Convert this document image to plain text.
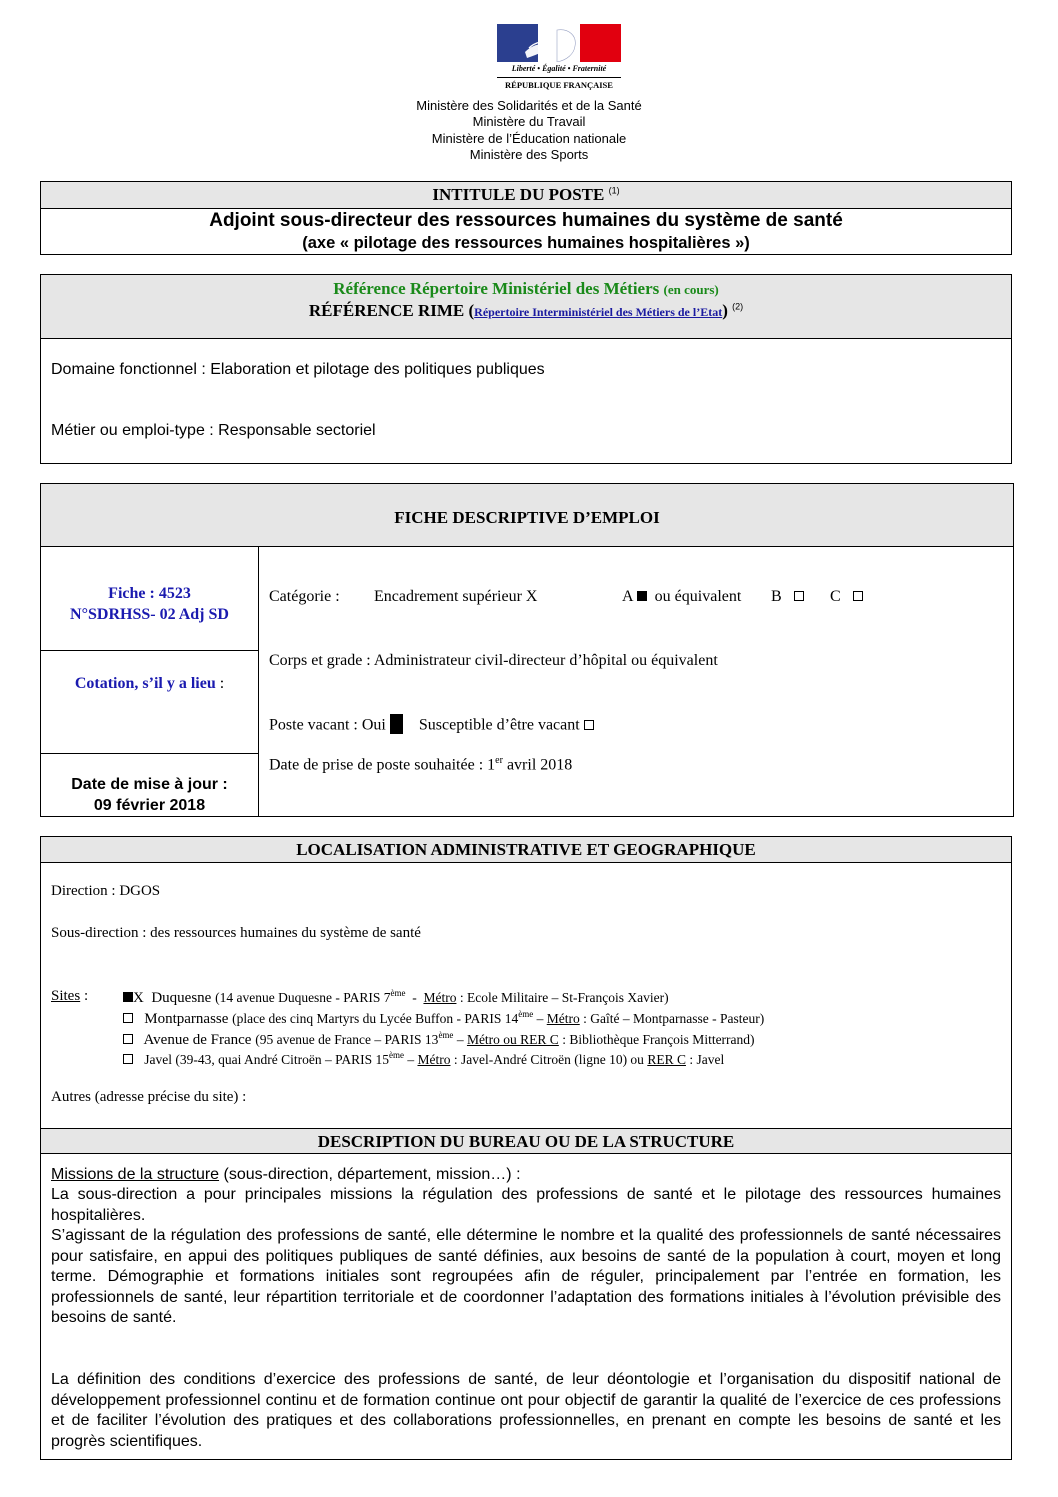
Liberté • Égalité • Fraternité
RÉPUBLIQUE FRANÇAISE
Ministère des Solidarités et de la Santé
Ministère du Travail
Ministère de l’Éducation nationale
Ministère des Sports
INTITULE DU POSTE $^{(1)}$
Adjoint sous-directeur des ressources humaines du système de santé
(axe « pilotage des ressources humaines hospitalières »)
Référence Répertoire Ministériel des Métiers (en cours)
RÉFÉRENCE RIME (Répertoire Interministériel des Métiers de l’Etat) $^{(2)}$
Domaine fonctionnel : Elaboration et pilotage des politiques publiques
Métier ou emploi-type : Responsable sectoriel
FICHE DESCRIPTIVE D’EMPLOI
Fiche : 4523
N°SDRHSS- 02 Adj SD
Cotation, s’il y a lieu :
Date de mise à jour :
09 février 2018
Catégorie : Encadrement supérieur X	A ou équivalent B	C
Corps et grade : Administrateur civil-directeur d’hôpital ou équivalent
Poste vacant : Oui Susceptible d’être vacant
Date de prise de poste souhaitée : 1er avril 2018
LOCALISATION ADMINISTRATIVE ET GEOGRAPHIQUE
Direction : DGOS
Sous-direction : des ressources humaines du système de santé
Sites :	X Duquesne (14 avenue Duquesne - PARIS 7ème  -  Métro : Ecole Militaire – St-François Xavier)
Montparnasse (place des cinq Martyrs du Lycée Buffon - PARIS 14ème – Métro : Gaîté – Montparnasse - Pasteur)
Avenue de France (95 avenue de France – PARIS 13ème – Métro ou RER C : Bibliothèque François Mitterrand)
Javel (39-43, quai André Citroën – PARIS 15ème – Métro : Javel-André Citroën (ligne 10) ou RER C : Javel
Autres (adresse précise du site) :
DESCRIPTION DU BUREAU OU DE LA STRUCTURE
Missions de la structure (sous-direction, département, mission…) :
La sous-direction a pour principales missions la régulation des professions de santé et le pilotage des ressources humaines hospitalières.
S’agissant de la régulation des professions de santé, elle détermine le nombre et la qualité des professionnels de santé nécessaires pour satisfaire, en appui des politiques publiques de santé définies, aux besoins de santé de la population à court, moyen et long terme. Démographie et formations initiales sont regroupées afin de réguler, principalement par l’entrée en formation, les professionnels de santé, leur répartition territoriale et de coordonner l’adaptation des formations initiales à l’évolution prévisible des besoins de santé.
La définition des conditions d’exercice des professions de santé, de leur déontologie et l’organisation du dispositif national de développement professionnel continu et de formation continue ont pour objectif de garantir la qualité de l’exercice de ces professions et de faciliter l’évolution des pratiques et des collaborations professionnelles, en prenant en compte les besoins de santé et les progrès scientifiques.
